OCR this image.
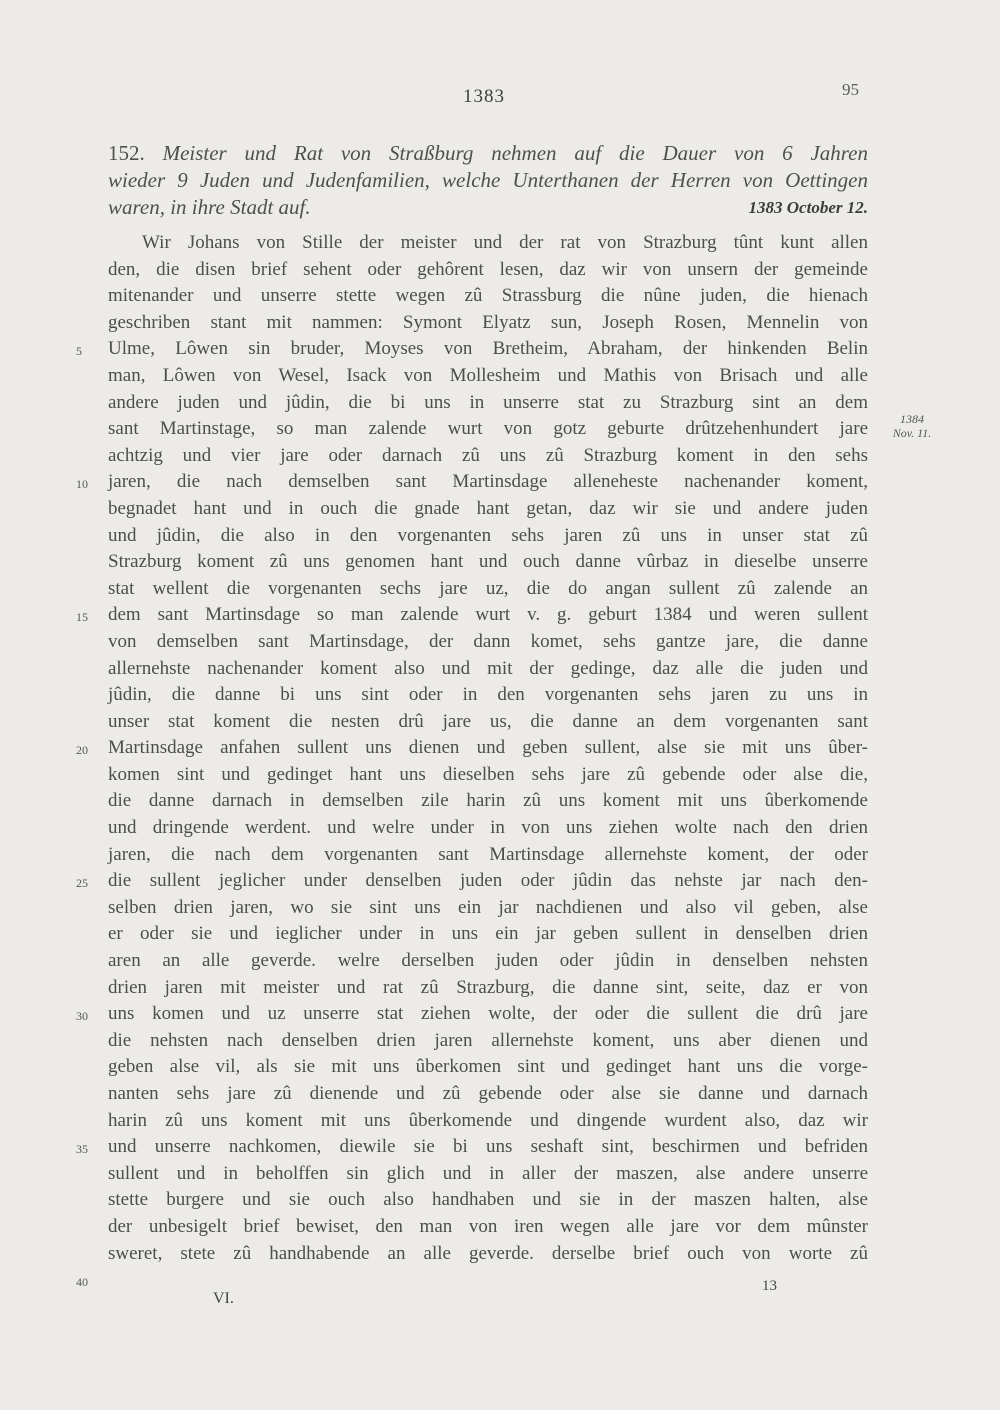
1383	95
152. Meister und Rat von Straßburg nehmen auf die Dauer von 6 Jahren
wieder 9 Juden und Judenfamilien, welche Unterthanen der Herren von Oettingen
waren, in ihre Stadt auf.	1383 October 12.
1384
Nov. 11.
Wir Johans von Stille der meister und der rat von Strazburg tûnt kunt allen
den, die disen brief sehent oder gehôrent lesen, daz wir von unsern der gemeinde
mitenander und unserre stette wegen zû Strassburg die nûne juden, die hienach
geschriben stant mit nammen: Symont Elyatz sun, Joseph Rosen, Mennelin von
Ulme, Lôwen sin bruder, Moyses von Bretheim, Abraham, der hinkenden Belin
man, Lôwen von Wesel, Isack von Mollesheim und Mathis von Brisach und alle
andere juden und jûdin, die bi uns in unserre stat zu Strazburg sint an dem
sant Martinstage, so man zalende wurt von gotz geburte drûtzehenhundert jare
achtzig und vier jare oder darnach zû uns zû Strazburg koment in den sehs
jaren, die nach demselben sant Martinsdage alleneheste nachenander koment,
begnadet hant und in ouch die gnade hant getan, daz wir sie und andere juden
und jûdin, die also in den vorgenanten sehs jaren zû uns in unser stat zû
Strazburg koment zû uns genomen hant und ouch danne vûrbaz in dieselbe unserre
stat wellent die vorgenanten sechs jare uz, die do angan sullent zû zalende an
dem sant Martinsdage so man zalende wurt v. g. geburt 1384 und weren sullent
von demselben sant Martinsdage, der dann komet, sehs gantze jare, die danne
allernehste nachenander koment also und mit der gedinge, daz alle die juden und
jûdin, die danne bi uns sint oder in den vorgenanten sehs jaren zu uns in
unser stat koment die nesten drû jare us, die danne an dem vorgenanten sant
Martinsdage anfahen sullent uns dienen und geben sullent, alse sie mit uns ûber-
komen sint und gedinget hant uns dieselben sehs jare zû gebende oder alse die,
die danne darnach in demselben zile harin zû uns koment mit uns ûberkomende
und dringende werdent. und welre under in von uns ziehen wolte nach den drien
jaren, die nach dem vorgenanten sant Martinsdage allernehste koment, der oder
die sullent jeglicher under denselben juden oder jûdin das nehste jar nach den-
selben drien jaren, wo sie sint uns ein jar nachdienen und also vil geben, alse
er oder sie und ieglicher under in uns ein jar geben sullent in denselben drien
aren an alle geverde. welre derselben juden oder jûdin in denselben nehsten
drien jaren mit meister und rat zû Strazburg, die danne sint, seite, daz er von
uns komen und uz unserre stat ziehen wolte, der oder die sullent die drû jare
die nehsten nach denselben drien jaren allernehste koment, uns aber dienen und
geben alse vil, als sie mit uns ûberkomen sint und gedinget hant uns die vorge-
nanten sehs jare zû dienende und zû gebende oder alse sie danne und darnach
harin zû uns koment mit uns ûberkomende und dingende wurdent also, daz wir
und unserre nachkomen, diewile sie bi uns seshaft sint, beschirmen und befriden
sullent und in beholffen sin glich und in aller der maszen, alse andere unserre
stette burgere und sie ouch also handhaben und sie in der maszen halten, alse
der unbesigelt brief bewiset, den man von iren wegen alle jare vor dem mûnster
sweret, stete zû handhabende an alle geverde. derselbe brief ouch von worte zû
5
10
15
20
25
30
35
40
VI.
13
